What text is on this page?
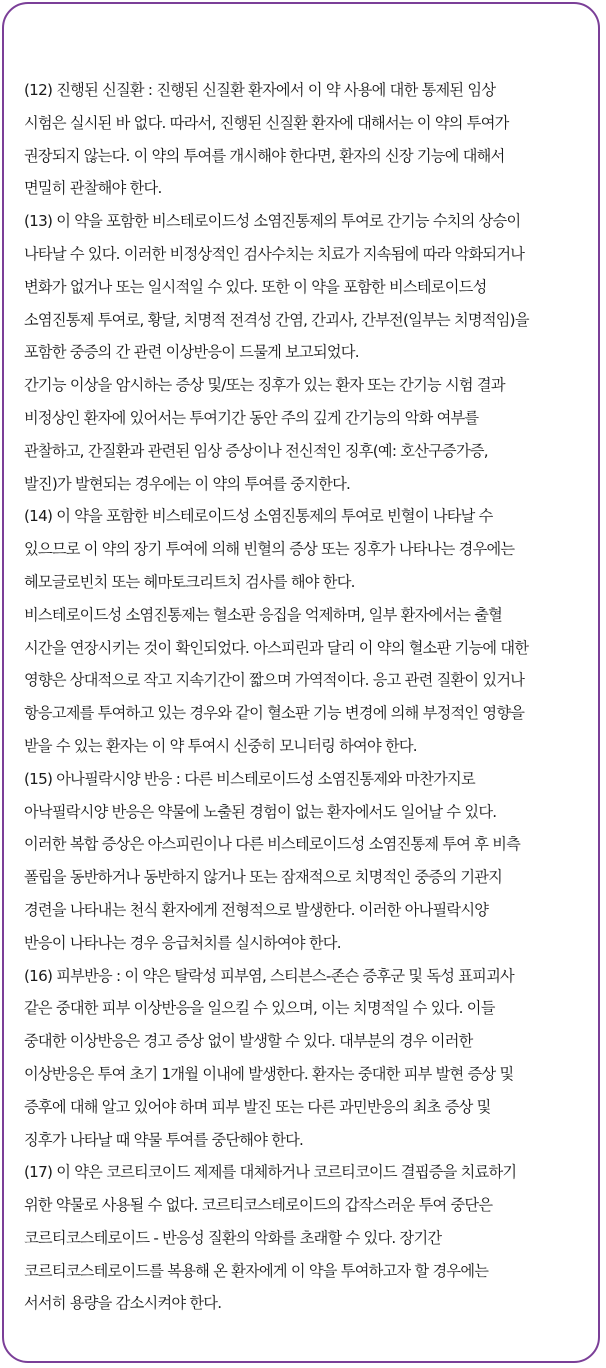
(12) 진행된 신질환 : 진행된 신질환 환자에서 이 약 사용에 대한 통제된 임상
시험은 실시된 바 없다. 따라서, 진행된 신질환 환자에 대해서는 이 약의 투여가
권장되지 않는다. 이 약의 투여를 개시해야 한다면, 환자의 신장 기능에 대해서
면밀히 관찰해야 한다.
(13) 이 약을 포함한 비스테로이드성 소염진통제의 투여로 간기능 수치의 상승이
나타날 수 있다. 이러한 비정상적인 검사수치는 치료가 지속됨에 따라 악화되거나
변화가 없거나 또는 일시적일 수 있다. 또한 이 약을 포함한 비스테로이드성
소염진통제 투여로, 황달, 치명적 전격성 간염, 간괴사, 간부전(일부는 치명적임)을
포함한 중증의 간 관련 이상반응이 드물게 보고되었다.
간기능 이상을 암시하는 증상 및/또는 징후가 있는 환자 또는 간기능 시험 결과
비정상인 환자에 있어서는 투여기간 동안 주의 깊게 간기능의 악화 여부를
관찰하고, 간질환과 관련된 임상 증상이나 전신적인 징후(예: 호산구증가증,
발진)가 발현되는 경우에는 이 약의 투여를 중지한다.
(14) 이 약을 포함한 비스테로이드성 소염진통제의 투여로 빈혈이 나타날 수
있으므로 이 약의 장기 투여에 의해 빈혈의 증상 또는 징후가 나타나는 경우에는
헤모글로빈치 또는 헤마토크리트치 검사를 해야 한다.
비스테로이드성 소염진통제는 혈소판 응집을 억제하며, 일부 환자에서는 출혈
시간을 연장시키는 것이 확인되었다. 아스피린과 달리 이 약의 혈소판 기능에 대한
영향은 상대적으로 작고 지속기간이 짧으며 가역적이다. 응고 관련 질환이 있거나
항응고제를 투여하고 있는 경우와 같이 혈소판 기능 변경에 의해 부정적인 영향을
받을 수 있는 환자는 이 약 투여시 신중히 모니터링 하여야 한다.
(15) 아나필락시양 반응 : 다른 비스테로이드성 소염진통제와 마찬가지로
아낙필락시양 반응은 약물에 노출된 경험이 없는 환자에서도 일어날 수 있다.
이러한 복합 증상은 아스피린이나 다른 비스테로이드성 소염진통제 투여 후 비측
폴립을 동반하거나 동반하지 않거나 또는 잠재적으로 치명적인 중증의 기관지
경련을 나타내는 천식 환자에게 전형적으로 발생한다. 이러한 아나필락시양
반응이 나타나는 경우 응급처치를 실시하여야 한다.
(16) 피부반응 : 이 약은 탈락성 피부염, 스티븐스-존슨 증후군 및 독성 표피괴사
같은 중대한 피부 이상반응을 일으킬 수 있으며, 이는 치명적일 수 있다. 이들
중대한 이상반응은 경고 증상 없이 발생할 수 있다. 대부분의 경우 이러한
이상반응은 투여 초기 1개월 이내에 발생한다. 환자는 중대한 피부 발현 증상 및
증후에 대해 알고 있어야 하며 피부 발진 또는 다른 과민반응의 최초 증상 및
징후가 나타날 때 약물 투여를 중단해야 한다.
(17) 이 약은 코르티코이드 제제를 대체하거나 코르티코이드 결핍증을 치료하기
위한 약물로 사용될 수 없다. 코르티코스테로이드의 갑작스러운 투여 중단은
코르티코스테로이드 - 반응성 질환의 악화를 초래할 수 있다. 장기간
코르티코스테로이드를 복용해 온 환자에게 이 약을 투여하고자 할 경우에는
서서히 용량을 감소시켜야 한다.
